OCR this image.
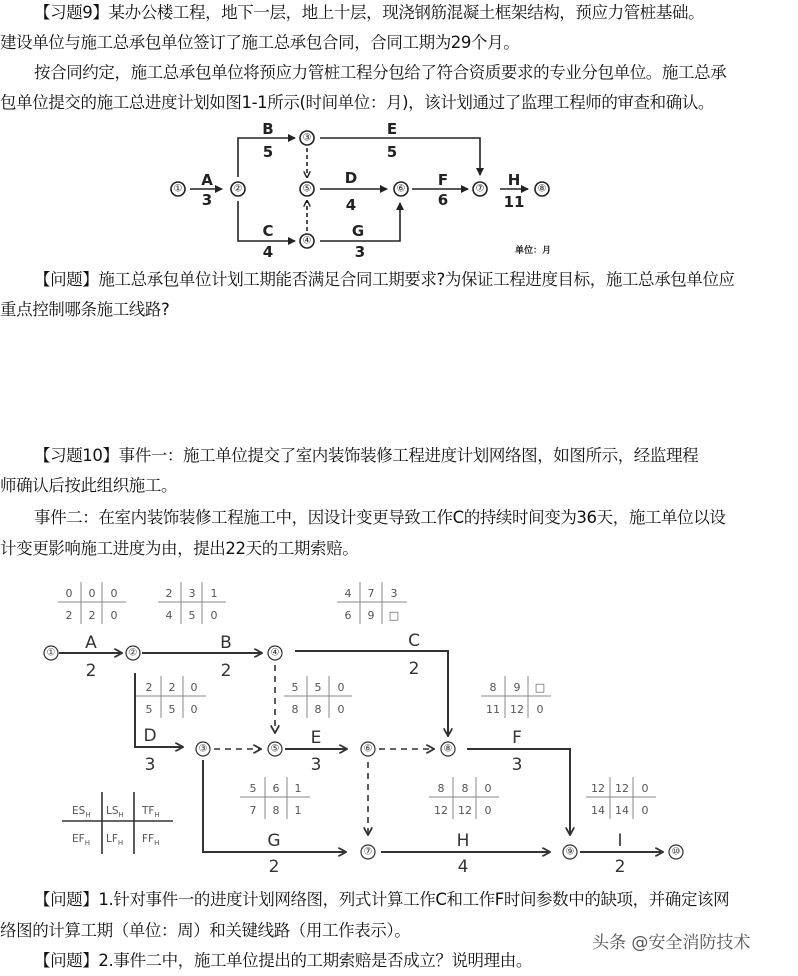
【习题9】某办公楼工程，地下一层，地上十层，现浇钢筋混凝土框架结构，预应力管桩基础。
建设单位与施工总承包单位签订了施工总承包合同，合同工期为29个月。
按合同约定，施工总承包单位将预应力管桩工程分包给了符合资质要求的专业分包单位。施工总承
包单位提交的施工总进度计划如图1-1所示(时间单位：月)，该计划通过了监理工程师的审查和确认。
①	②
③
④
⑤	⑥	⑦	⑧
A
3
B
5
C
4
D
4
E
5
F
6
G
3
H
11
单位：月
【问题】施工总承包单位计划工期能否满足合同工期要求?为保证工程进度目标，施工总承包单位应
重点控制哪条施工线路?
【习题10】事件一：施工单位提交了室内装饰装修工程进度计划网络图，如图所示，经监理程
师确认后按此组织施工。
事件二：在室内装饰装修工程施工中，因设计变更导致工作C的持续时间变为36天，施工单位以设
计变更影响施工进度为由，提出22天的工期索赔。
①	②
③
④
⑤	⑥
⑦
⑧
⑨	⑩
A
2
B
2
C
2
D
3
E
3
F
3
G
2
H
4
I
2
0 0 0
2 2 0
2 3 1
4 5 0
4 7 3
6 9 □
2 2 0
5 5 0
5 5 0
8 8 0
8 9 □
11 12 0
5 6 1
7 8 1
8 8 0
12 12 0
12 12 0
14 14 0
$ES_H$ $LS_H$ $TF_H$
$EF_H$ $LF_H$ $FF_H$
【问题】1.针对事件一的进度计划网络图，列式计算工作C和工作F时间参数中的缺项，并确定该网
络图的计算工期（单位：周）和关键线路（用工作表示）。
【问题】2.事件二中，施工单位提出的工期索赔是否成立？说明理由。
头条 @安全消防技术
